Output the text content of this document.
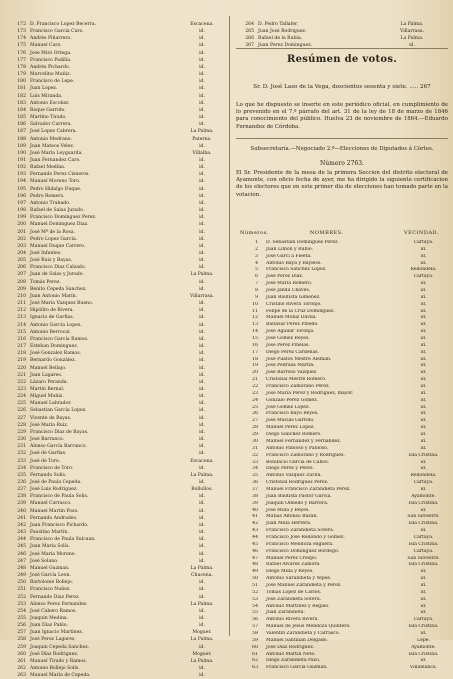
172 D. Francisco Lopez Becerra.	Escacena.
173 Francisco García Caro.	id.
174 Andrés Piñarrero.	id.
175 Manuel Caro.	id.
176 Jose Miró Ortega.	id.
177 Francisco Padilla.	id.
178 Andrés Pichardo.	id.
179 Marcelino Muñiz.	id.
180 Francisco de Lepe.	id.
181 Juan Lopez.	id.
182 Luis Miranda.	id.
183 Antonio Escobar.	id.
184 Roque Garrido.	id.
185 Martino Tirado.	id.
186 Salvador Carrera.	id.
187 José Lopez Cabrera.	La Palma.
188 Antonio Medrano.	Paterna.
189 Juan Mateos Velez.	id.
190 José María Leyguarda.	Villalba.
191 Juan Fernandez Caro.	id.
192 Rafael Medina.	id.
193 Fernando Perez Cisneros.	id.
194 Manuel Moreno Toro.	id.
195 Pedro Hidalgo Duque.	id.
196 Pedro Romero.	id.
197 Antonio Trabado.	id.
198 Rafael de Salas Jurado.	id.
199 Francisco Dominguez Perez.	id.
200 Manuel Dominguez Diaz.	id.
201 José Mª de la Rosa.	id.
202 Pedro Lopez García.	id.
203 Manuel Duque Carrero.	id.
204 José Infantes.	id.
205 José Ruiz y Bayas.	id.
206 Francisco Diaz Calzado.	id.
207 Juan de Salas y Jurado.	La Palma.
208 Tomás Perez.	id.
209 Benito Cepeda Sanchez.	id.
210 Juan Antonio Marín.	Villarrasa.
211 José María Vazquez Bueno.	id.
212 Hipólito de Rivera.	id.
213 Ignacio de Garfias.	id.
214 Antonio García Lopez.	id.
215 Antonio Berrocal.	id.
216 Francisco García Ramos.	id.
217 Esteban Dominguez.	id.
218 José Gonzalez Ramos.	id.
219 Bernardo González.	id.
220 Manuel Bellajo.	id.
221 Juan Lagares.	id.
222 Lázaro Peranda.	id.
223 Martín Bernal.	id.
224 Miguel Muñiz.	id.
225 Manuel Labrador.	id.
226 Sebastian García Lopez.	id.
227 Vicente de Bayas.	id.
228 José María Ruiz.	id.
229 Francisco Diaz de Bayas.	id.
230 José Barranco.	id.
231 Alonso García Barranco.	id.
232 José de Garfias.	id.
233 José de Toro.	Escacena.
234 Francisco de Toro.	id.
235 Fernando Solis.	La Palma.
236 José de Paula Cepeda.	id.
237 José Luis Rodriguez.	Bollullos.
238 Francisco de Paula Solis.	id.
239 Manuel Carrasco.	id.
240 Manuel Martin Pozo.	id.
241 Fernando Andrades.	id.
242 Juan Francisco Pichardo.	id.
243 Faustino Martín.	id.
244 Francisco de Paula Sulcaan.	id.
245 Juan María Solís.	id.
246 José María Moreno.	id.
247 José Solano.	id.
248 Manuel Guzman.	La Palma.
249 José García Leon.	Chucena.
250 Bartolomé Bollejo.	id.
251 Francisco Nuñez.	id.
252 Fernando Diaz Perez.	id.
253 Alonso Perez Fernandez.	La Palma.
254 José Cabero Ramos.	id.
255 Joaquín Medina.	id.
256 Juan Díaz Pablo.	id.
257 Juan Ignacio Martinez.	Moguer.
258 José Perez Lagares.	La Palma.
259 Joaquin Cepeda Sanchez.	id.
260 José Díaz Rodriguez.	Moguer.
261 Manuel Tirado y Ramos.	La Palma.
262 Antonio Bollejo Solís.	id.
263 Manuel María de Cepeda.	id.
264 D. Pedro Tallafer.	La Palma.
265 Juan José Rodriguez.	Villarrasa.
266 Rafael de la Rubia.	La Palma.
267 Juan Perez Dominguez.	id.
Resúmen de votos.
Sr. D. José Laso de la Vega, doscientos sesenta y siete. ..... 267
Lo que he dispuesto se inserte en este periódico oficial, en cumplimiento de lo prevenido en el 7.º párrafo del art. 31 de la ley de 18 de marzo de 1846 para conocimiento del público. Huelva 23 de noviembre de 1864.—Eduardo Fernandez de Córdoba.
Subsecretaría.—Negociado 2.º—Elecciones de Diputados á Córtes.
Número 2763.
El Sr. Presidente de la mesa de la primera Seccion del distrito electoral de Ayamonte, con oficio fecha de ayer, me ha dirigido la siguiente certificacion de los electores que en este primer dia de elecciones han tomado parte en la votacion.
Números.	NOMBRES.	VECINDAD.
1 D. Sebastian Dominguez Perez.	Cartaya.
2 Juan Limon y Rubio.	id.
3 José Garcí a Fleeta.	id.
4 Antonio Baya y Bayless.	id.
5 Francisco Sanchez Lopez.	Redondela.
6 José Perez Díaz.	Cartaya.
7 José María Romero.	id.
8 José Janda Chaves.	id.
9 Juan Bautista Gimenez.	id.
10 Cristino Rivera Toronjo.	id.
11 Felipe de la Cruz Dominguez.	id.
12 Manuel Moñiz Dávila.	id.
13 Baltasar Perez Pinedo.	id.
14 José Aguilar Toronjo.	id.
15 José Gomez Reyes.	id.
16 José Perez Pinelas.	id.
17 Diego Perez Cárdenas.	id.
18 José Pilatos Mestre Alemán.	id.
19 José Pedraza Martin.	id.
20 José Barroso Vazquez.	id.
21 Cristóbal Mestre Romero.	id.
22 Francisco Zamorano Perez.	id.
23 José María Perez y Rodriguez, mayor.	id.
24 Gonzalo Pérez Gomez.	id.
25 José Gomez Lopez.	id.
26 Francisco Bayo Reyes.	id.
27 José Macías Garrido.	id.
28 Manuel Perez Lopez.	id.
29 Diego Sanchez Romero.	id.
30 Manuel Fernandez y Fernandez.	id.
31 Antonio Pabloso y Pabloso.	id.
32 Francisco Zamorano y Rodriguez.	Isla Cristina.
33 Bonifacio García de Cabos.	id.
34 Diego Perez y Perez.	id.
35 Antonio Vazquez Zurita.	Redondela.
36 Cristóbal Rodriguez Perez.	Cartaya.
37 Manuel Francisco Zarandieta Perez.	id.
38 Juan Bautista Pastor García.	Ayamonte.
39 Joaquin Olmedo y Barrera.	Isla Cristina.
40 José Millá y Reyes.	id.
41 Matías Alfonso Bazán.	San Silvestre.
42 Juan Millá Herrera.	Isla Cristina.
43 Francisco Zarandieta Sotera.	id.
44 Francisco José Redondo y Gomez.	Cartaya.
45 Francisco Mendoza Higuera.	Isla Cristina.
46 Francisco Dominguez Bordego.	Cartaya.
47 Manuel Perez Crespo.	San Silvestre.
48 Rafael Alvarez Zamora.	Isla Cristina.
49 Diego Millá y Reyes.	id.
50 Antonio Sarandieta y Yepes.	id.
51 José Manuel Zarandieta y Perez.	id.
52 Tomás Lopez de Carlos.	id.
53 José Zarandieta Sotera.	id.
54 Antonio Martínez y Regalo.	id.
55 Juan Zarandieta.	id.
56 Antonio Rivera Rivera.	Cartaya.
57 Manuel de Jesús Mendoza Quintero.	Isla Cristina.
58 Valentin Zarandieta y Carrasco.	id.
59 Manuel Santillan Delgado.	Lepe.
60 José Diaz Rodriguez.	Ayamonte.
61 Antonio Martín Neto.	Isla Cristina.
62 Diego Zarandieta Pazo.	id.
63 Francisco García Guzman.	Villablanca.
